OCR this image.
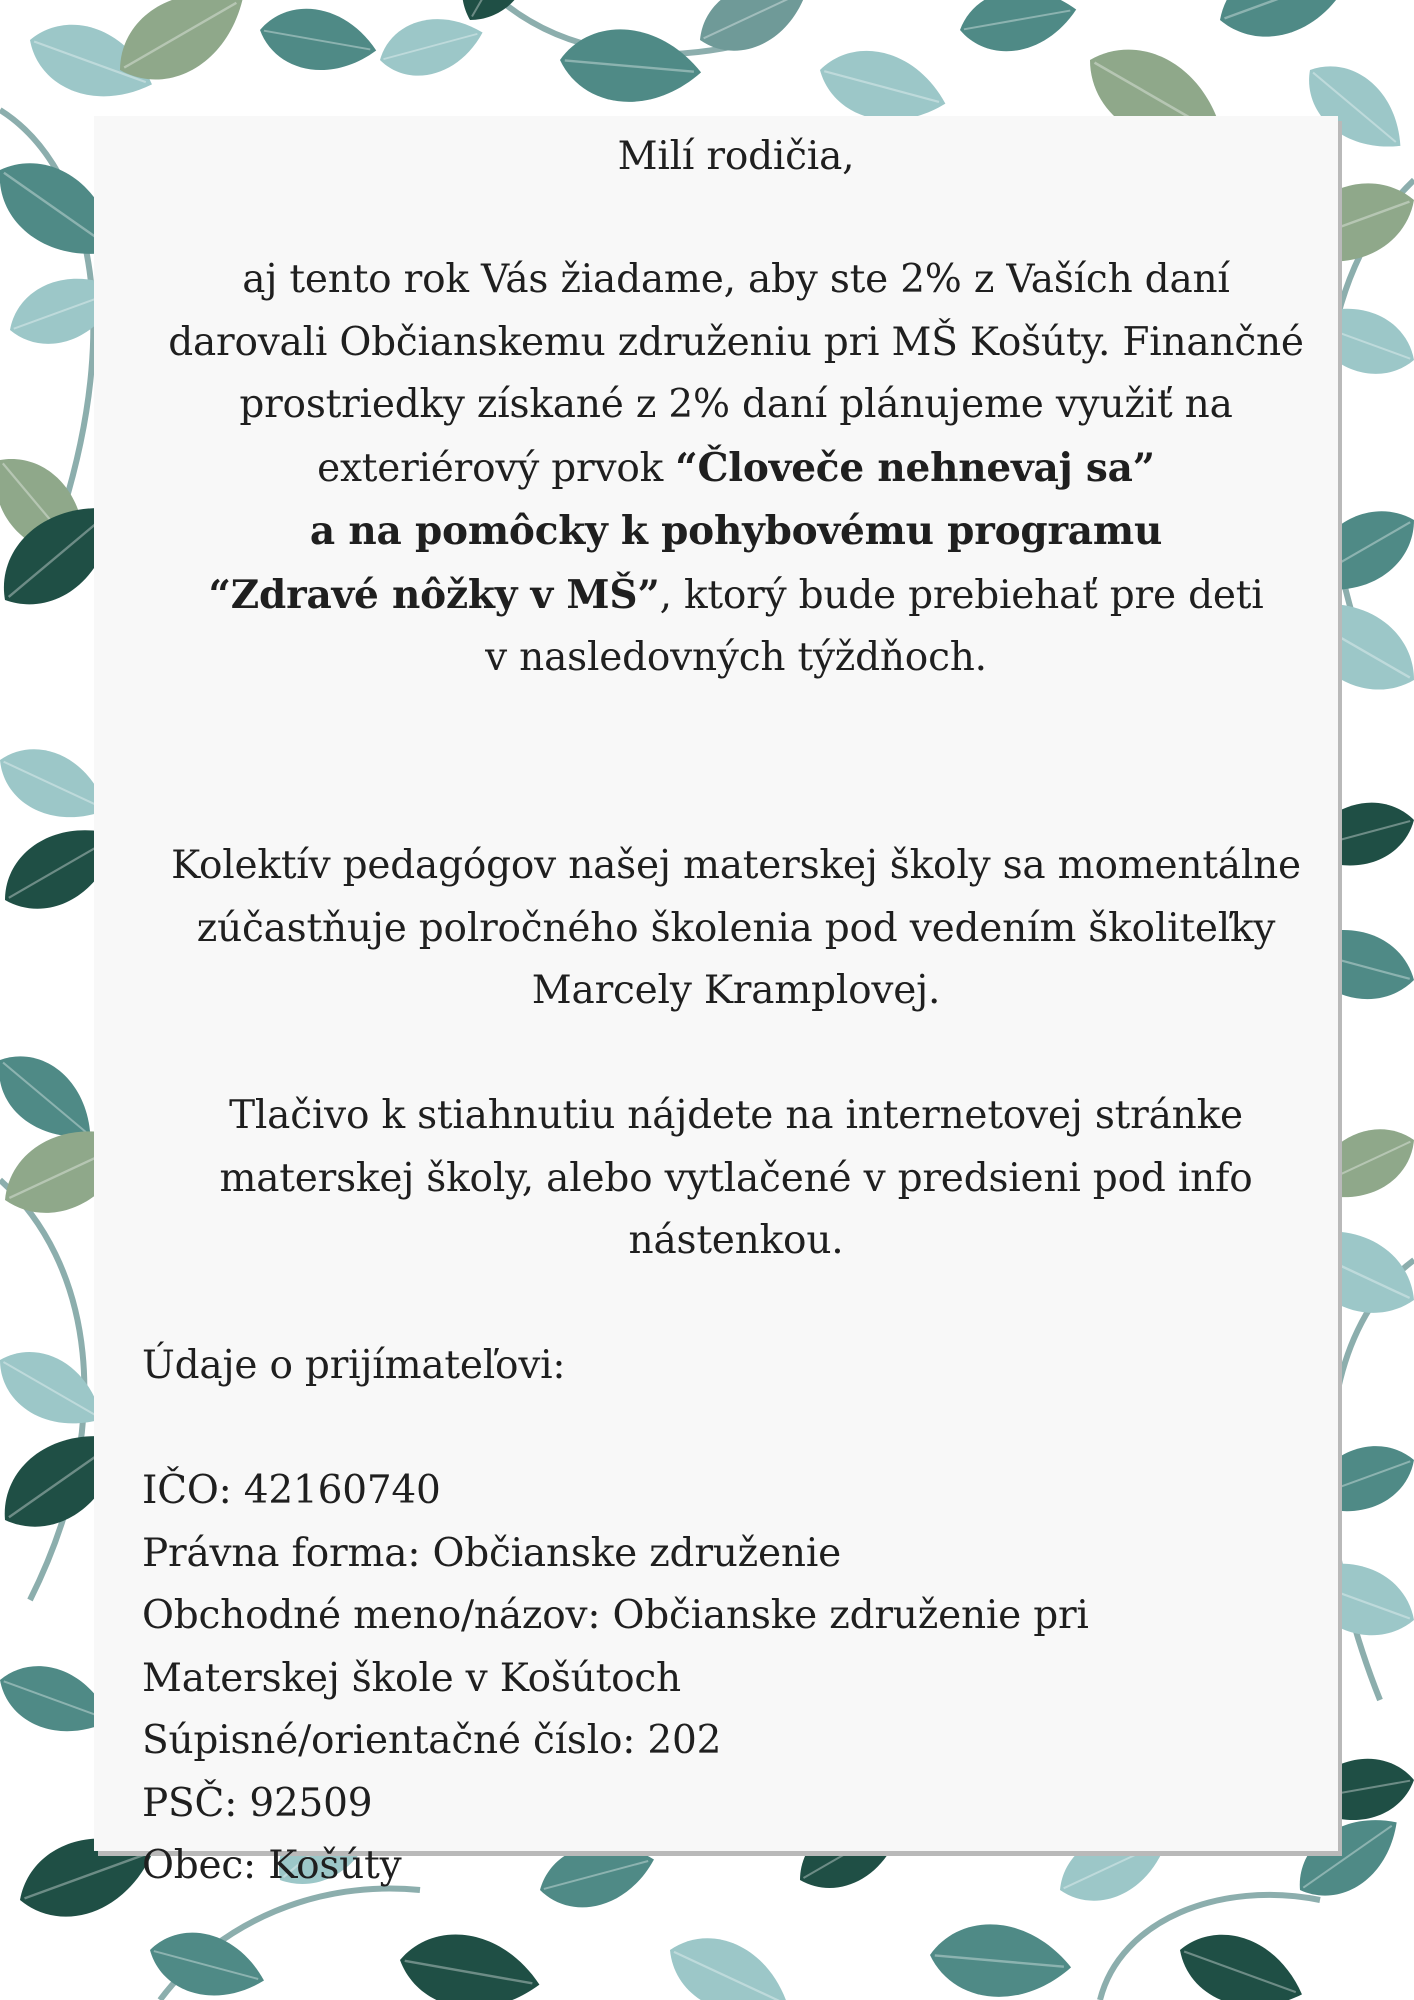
Milí rodičia,

aj tento rok Vás žiadame, aby ste 2% z Vaších daní

darovali Občianskemu združeniu pri MŠ Košúty. Finančné

prostriedky získané z 2% daní plánujeme využiť na

exteriérový prvok “Človeče nehnevaj sa”

a na pomôcky k pohybovému programu

“Zdravé nôžky v MŠ”, ktorý bude prebiehať pre deti

v nasledovných týždňoch.

Kolektív pedagógov našej materskej školy sa momentálne

zúčastňuje polročného školenia pod vedením školiteľky

Marcely Kramplovej.

Tlačivo k stiahnutiu nájdete na internetovej stránke

materskej školy, alebo vytlačené v predsieni pod info

nástenkou.

Údaje o prijímateľovi:

IČO: 42160740

Právna forma: Občianske združenie

Obchodné meno/názov: Občianske združenie pri

Materskej škole v Košútoch

Súpisné/orientačné číslo: 202

PSČ: 92509

Obec: Košúty
